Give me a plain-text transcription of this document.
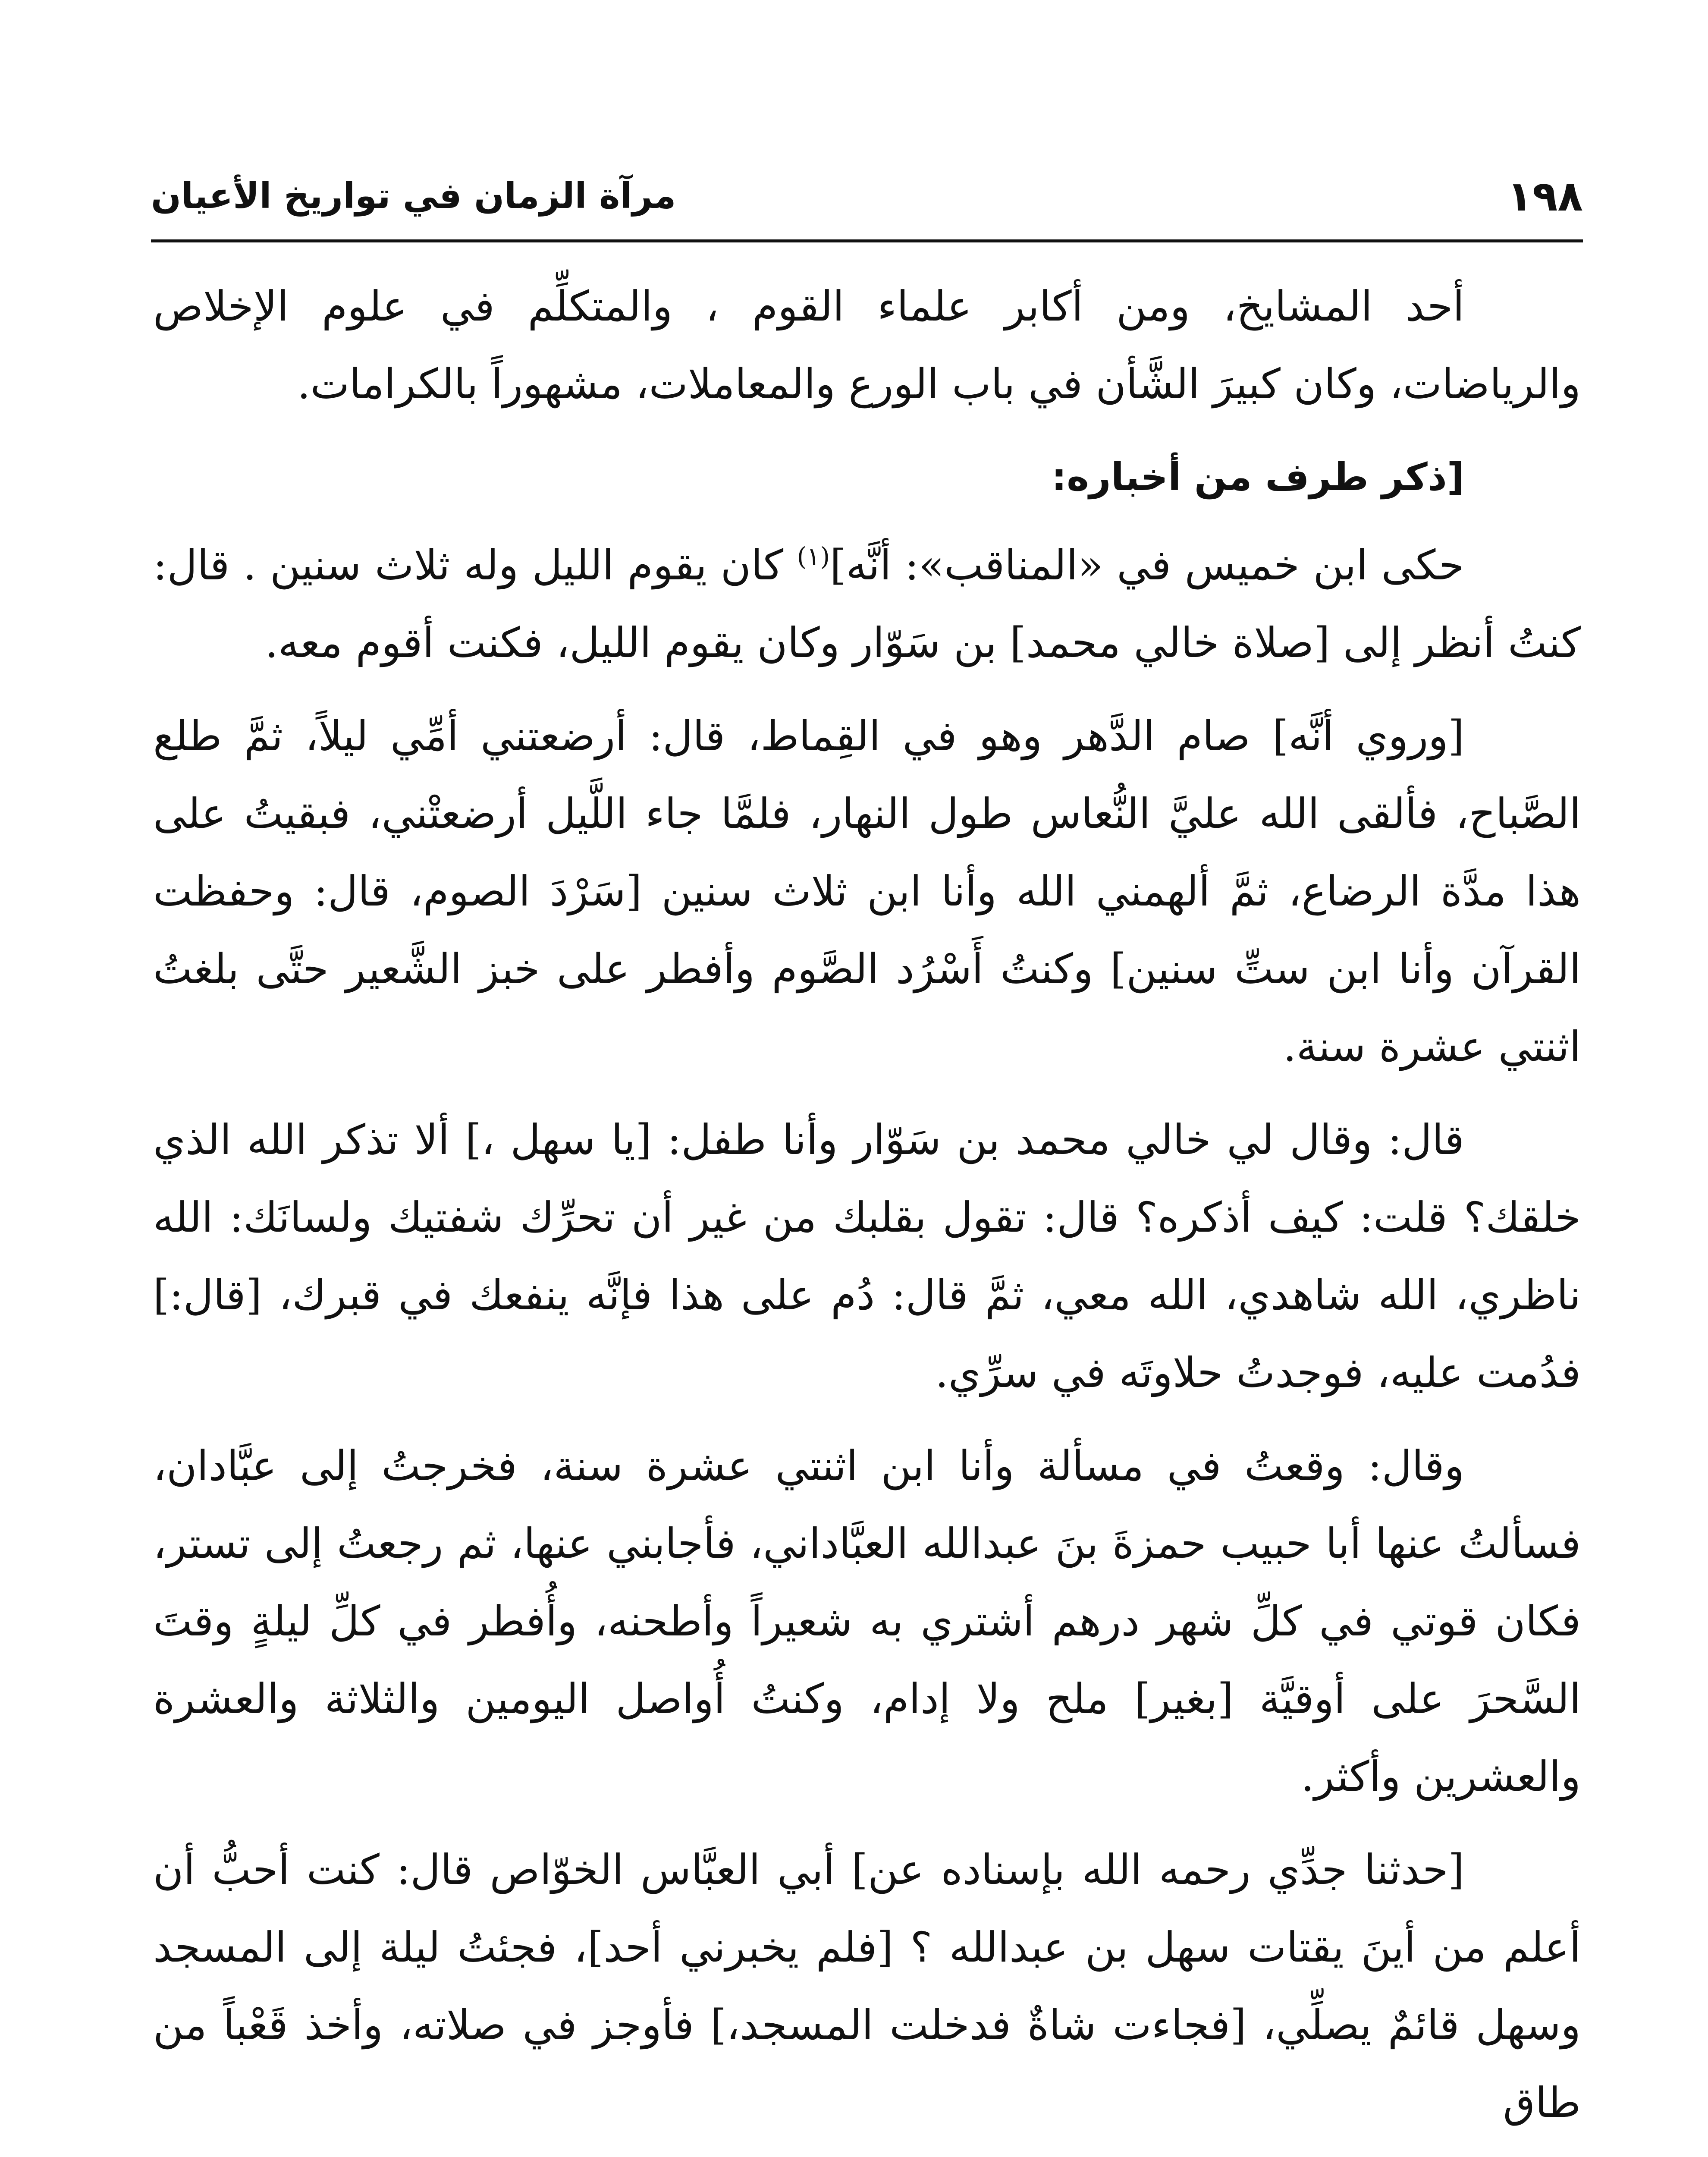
١٩٨
مرآة الزمان في تواريخ الأعيان

أحد المشايخ، ومن أكابر علماء القوم ، والمتكلِّم في علوم الإخلاص والرياضات، وكان كبيرَ الشَّأن في باب الورع والمعاملات، مشهوراً بالكرامات.

[ذكر طرف من أخباره:

حكى ابن خميس في «المناقب»: أنَّه]$^{(١)}$ كان يقوم الليل وله ثلاث سنين . قال: كنتُ أنظر إلى [صلاة خالي محمد] بن سَوّار وكان يقوم الليل، فكنت أقوم معه.

[وروي أنَّه] صام الدَّهر وهو في القِماط، قال: أرضعتني أمِّي ليلاً، ثمَّ طلع الصَّباح، فألقى الله عليَّ النُّعاس طول النهار، فلمَّا جاء اللَّيل أرضعتْني، فبقيتُ على هذا مدَّة الرضاع، ثمَّ ألهمني الله وأنا ابن ثلاث سنين [سَرْدَ الصوم، قال: وحفظت القرآن وأنا ابن ستِّ سنين] وكنتُ أَسْرُد الصَّوم وأفطر على خبز الشَّعير حتَّى بلغتُ اثنتي عشرة سنة.

قال: وقال لي خالي محمد بن سَوّار وأنا طفل: [يا سهل ،] ألا تذكر الله الذي خلقك؟ قلت: كيف أذكره؟ قال: تقول بقلبك من غير أن تحرِّك شفتيك ولسانَك: الله ناظري، الله شاهدي، الله معي، ثمَّ قال: دُم على هذا فإنَّه ينفعك في قبرك، [قال:] فدُمت عليه، فوجدتُ حلاوتَه في سرِّي.

وقال: وقعتُ في مسألة وأنا ابن اثنتي عشرة سنة، فخرجتُ إلى عبَّادان، فسألتُ عنها أبا حبيب حمزةَ بنَ عبدالله العبَّاداني، فأجابني عنها، ثم رجعتُ إلى تستر، فكان قوتي في كلِّ شهر درهم أشتري به شعيراً وأطحنه، وأُفطر في كلِّ ليلةٍ وقتَ السَّحرَ على أوقيَّة [بغير] ملح ولا إدام، وكنتُ أُواصل اليومين والثلاثة والعشرة والعشرين وأكثر.

[حدثنا جدِّي رحمه الله بإسناده عن] أبي العبَّاس الخوّاص قال: كنت أحبُّ أن أعلم من أينَ يقتات سهل بن عبدالله ؟ [فلم يخبرني أحد]، فجئتُ ليلة إلى المسجد وسهل قائمٌ يصلِّي، [فجاءت شاةٌ فدخلت المسجد،] فأوجز في صلاته، وأخذ قَعْباً من طاق
